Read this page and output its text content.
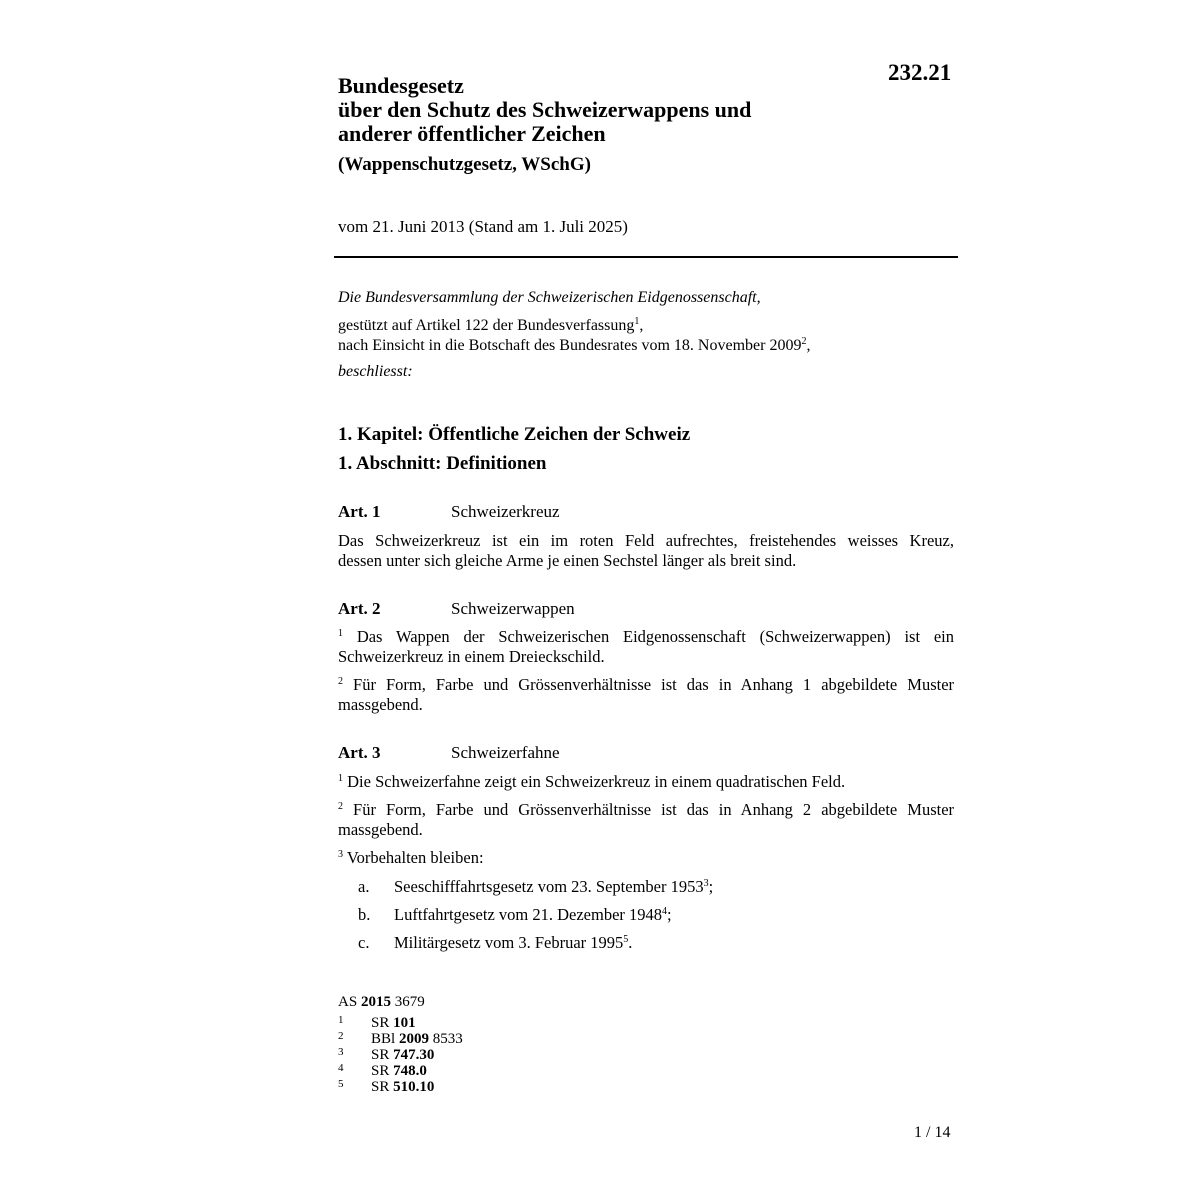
232.21
Bundesgesetz
über den Schutz des Schweizerwappens und
anderer öffentlicher Zeichen
(Wappenschutzgesetz, WSchG)
vom 21. Juni 2013 (Stand am 1. Juli 2025)
Die Bundesversammlung der Schweizerischen Eidgenossenschaft,
gestützt auf Artikel 122 der Bundesverfassung$^1$,
nach Einsicht in die Botschaft des Bundesrates vom 18. November 2009$^2$,
beschliesst:
1. Kapitel: Öffentliche Zeichen der Schweiz
1. Abschnitt: Definitionen
Art. 1	Schweizerkreuz
Das Schweizerkreuz ist ein im roten Feld aufrechtes, freistehendes weisses Kreuz,
dessen unter sich gleiche Arme je einen Sechstel länger als breit sind.
Art. 2	Schweizerwappen
$^1$ Das Wappen der Schweizerischen Eidgenossenschaft (Schweizerwappen) ist ein
Schweizerkreuz in einem Dreieckschild.
$^2$ Für Form, Farbe und Grössenverhältnisse ist das in Anhang 1 abgebildete Muster
massgebend.
Art. 3	Schweizerfahne
$^1$ Die Schweizerfahne zeigt ein Schweizerkreuz in einem quadratischen Feld.
$^2$ Für Form, Farbe und Grössenverhältnisse ist das in Anhang 2 abgebildete Muster
massgebend.
$^3$ Vorbehalten bleiben:
a. Seeschifffahrtsgesetz vom 23. September 1953$^3$;
b. Luftfahrtgesetz vom 21. Dezember 1948$^4$;
c. Militärgesetz vom 3. Februar 1995$^5$.
AS 2015 3679
1 SR 101
2 BBl 2009 8533
3 SR 747.30
4 SR 748.0
5 SR 510.10
1 / 14
